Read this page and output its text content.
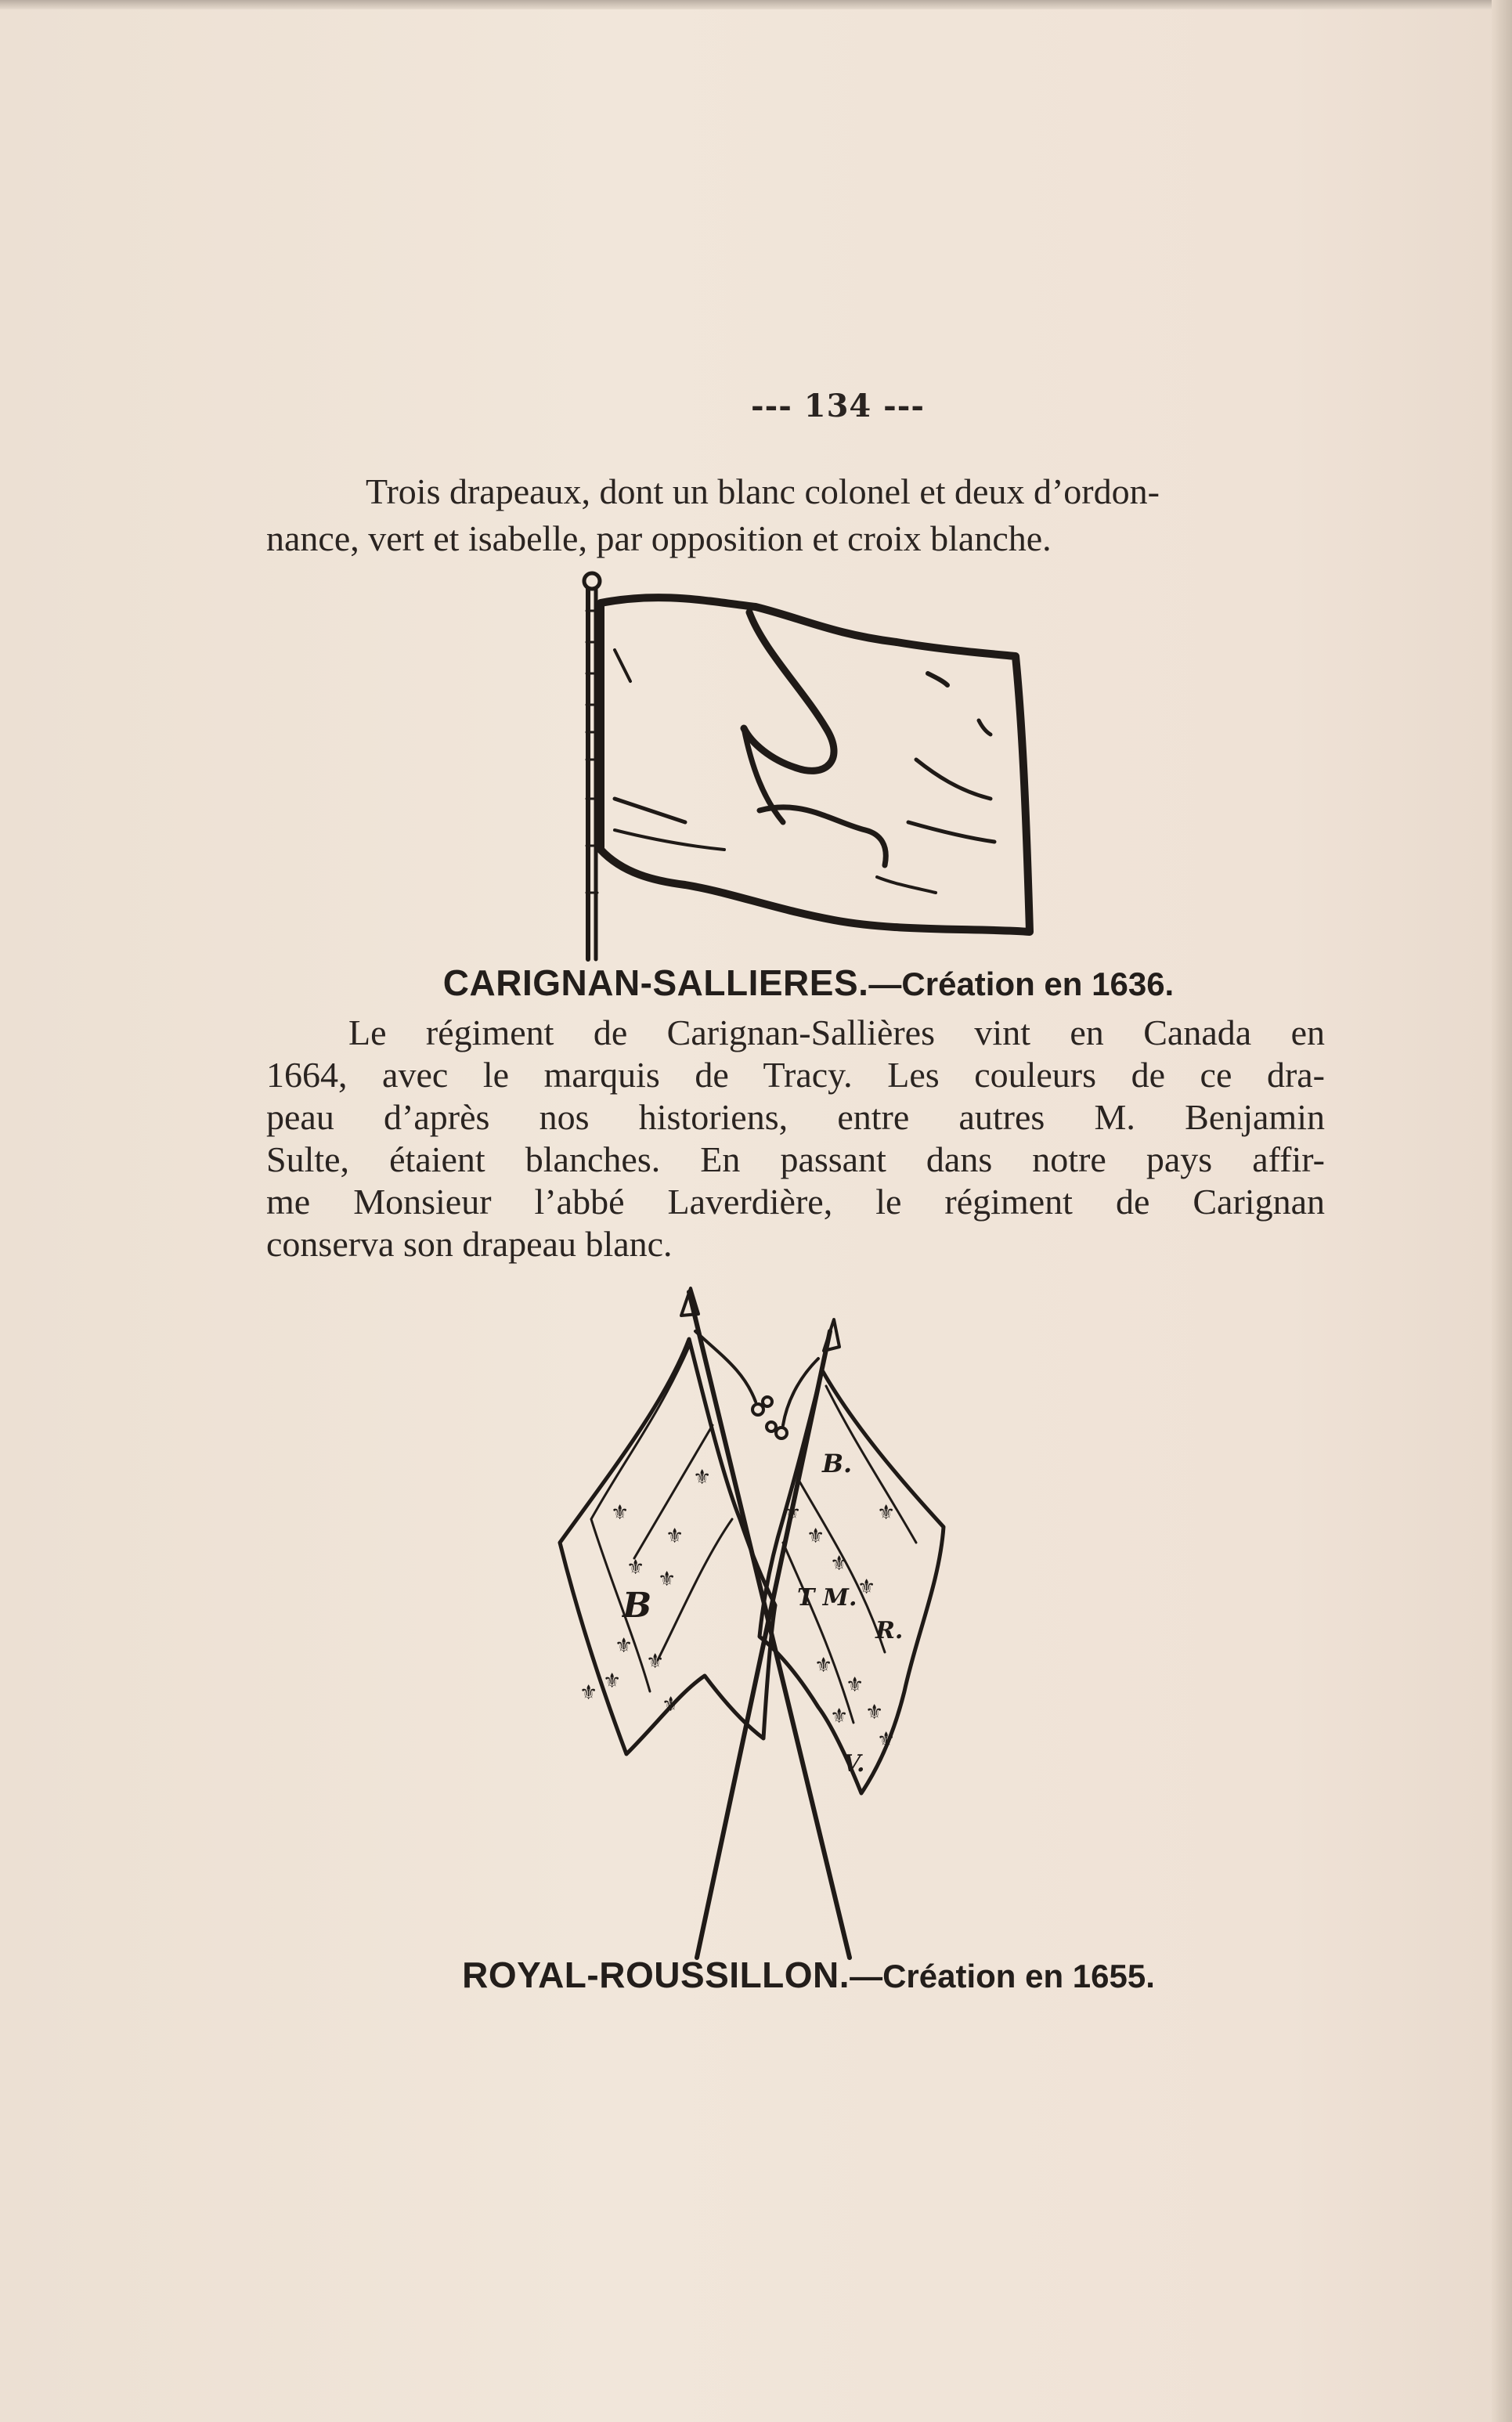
--- 134 ---
Trois drapeaux, dont un blanc colonel et deux d’ordon-
nance, vert et isabelle, par opposition et croix blanche.
CARIGNAN-SALLIERES.—Création en 1636.
Le régiment de Carignan-Sallières vint en Canada en
1664, avec le marquis de Tracy. Les couleurs de ce dra-
peau d’après nos historiens, entre autres M. Benjamin
Sulte, étaient blanches. En passant dans notre pays affir-
me Monsieur l’abbé Laverdière, le régiment de Carignan
conserva son drapeau blanc.
B
B.
T M.
R.
V.
⚜
⚜
⚜
⚜ ⚜
⚜
⚜
⚜ ⚜
⚜
⚜
⚜
⚜
⚜
⚜
⚜
⚜
⚜ ⚜
⚜
ROYAL-ROUSSILLON.—Création en 1655.
